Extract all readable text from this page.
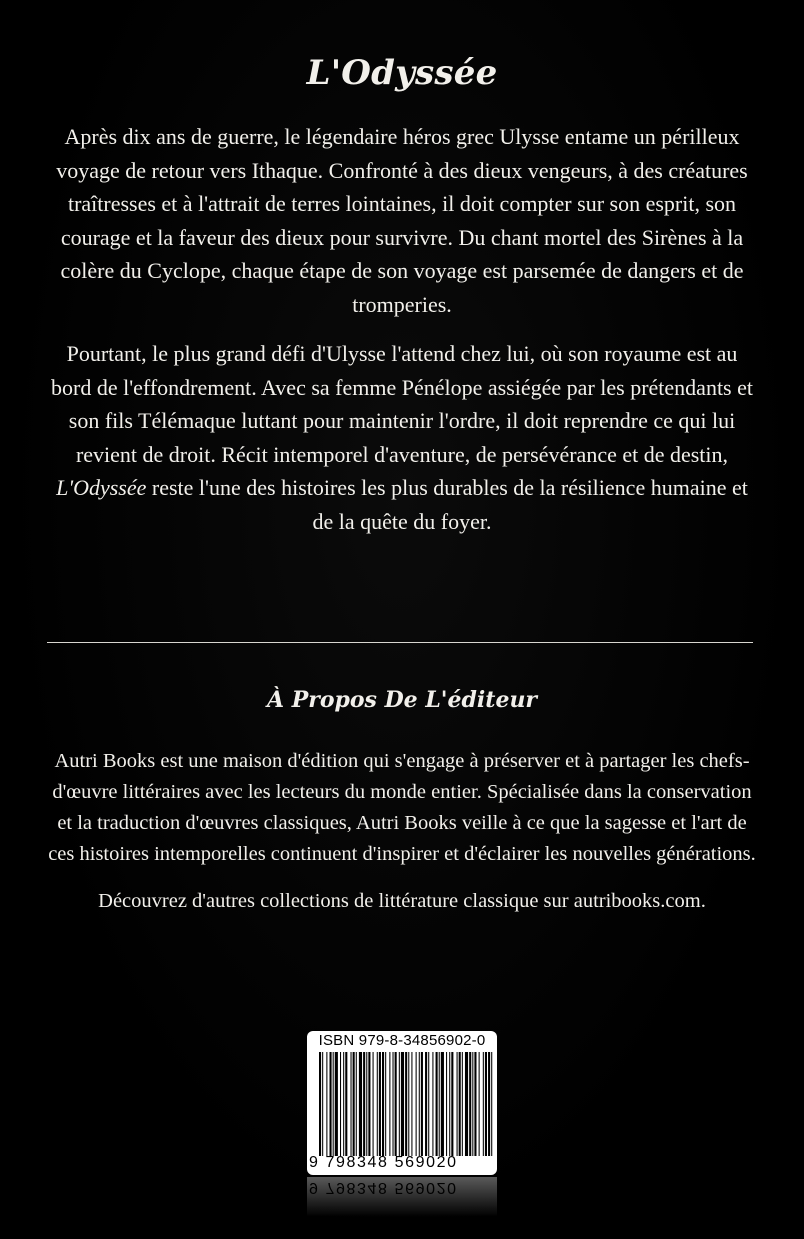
L'Odyssée

Après dix ans de guerre, le légendaire héros grec Ulysse entame un périlleux voyage de retour vers Ithaque. Confronté à des dieux vengeurs, à des créatures traîtresses et à l'attrait de terres lointaines, il doit compter sur son esprit, son courage et la faveur des dieux pour survivre. Du chant mortel des Sirènes à la colère du Cyclope, chaque étape de son voyage est parsemée de dangers et de tromperies.

Pourtant, le plus grand défi d'Ulysse l'attend chez lui, où son royaume est au bord de l'effondrement. Avec sa femme Pénélope assiégée par les prétendants et son fils Télémaque luttant pour maintenir l'ordre, il doit reprendre ce qui lui revient de droit. Récit intemporel d'aventure, de persévérance et de destin, L'Odyssée reste l'une des histoires les plus durables de la résilience humaine et de la quête du foyer.

À Propos De L'éditeur

Autri Books est une maison d'édition qui s'engage à préserver et à partager les chefs-d'œuvre littéraires avec les lecteurs du monde entier. Spécialisée dans la conservation et la traduction d'œuvres classiques, Autri Books veille à ce que la sagesse et l'art de ces histoires intemporelles continuent d'inspirer et d'éclairer les nouvelles générations.

Découvrez d'autres collections de littérature classique sur autribooks.com.

ISBN 979-8-34856902-0
9 798348 569020
9 798348 569020
